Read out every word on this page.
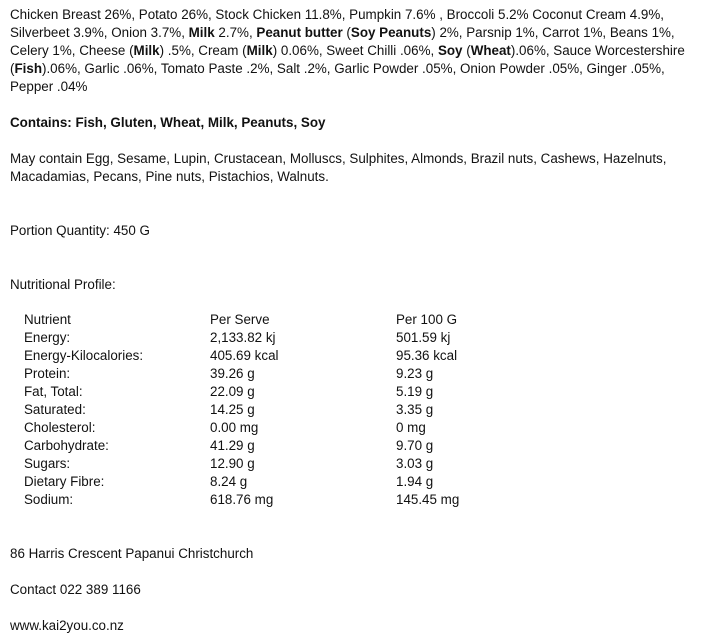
Chicken Breast 26%, Potato 26%, Stock Chicken 11.8%, Pumpkin 7.6% , Broccoli 5.2% Coconut Cream 4.9%, Silverbeet 3.9%, Onion 3.7%, Milk 2.7%, Peanut butter (Soy Peanuts) 2%, Parsnip 1%, Carrot 1%, Beans 1%, Celery 1%, Cheese (Milk) .5%, Cream (Milk) 0.06%, Sweet Chilli .06%, Soy (Wheat).06%, Sauce Worcestershire (Fish).06%, Garlic .06%, Tomato Paste .2%, Salt .2%, Garlic Powder .05%, Onion Powder .05%, Ginger .05%, Pepper .04%

Contains: Fish, Gluten, Wheat, Milk, Peanuts, Soy

May contain Egg, Sesame, Lupin, Crustacean, Molluscs, Sulphites, Almonds, Brazil nuts, Cashews, Hazelnuts, Macadamias, Pecans, Pine nuts, Pistachios, Walnuts.

Portion Quantity: 450 G

Nutritional Profile:

Nutrient	Per Serve	Per 100 G
Energy:	2,133.82 kj	501.59 kj
Energy-Kilocalories:	405.69 kcal	95.36 kcal
Protein:	39.26 g	9.23 g
Fat, Total:	22.09 g	5.19 g
Saturated:	14.25 g	3.35 g
Cholesterol:	0.00 mg	0 mg
Carbohydrate:	41.29 g	9.70 g
Sugars:	12.90 g	3.03 g
Dietary Fibre:	8.24 g	1.94 g
Sodium:	618.76 mg	145.45 mg

86 Harris Crescent Papanui Christchurch

Contact 022 389 1166

www.kai2you.co.nz
